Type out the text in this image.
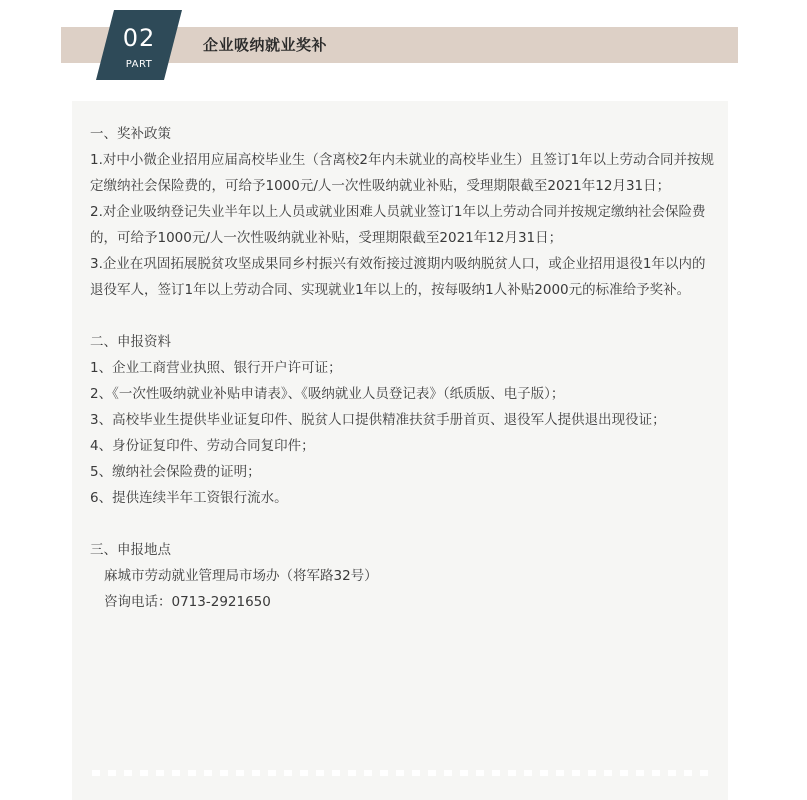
02
PART
企业吸纳就业奖补

一、奖补政策

1.对中小微企业招用应届高校毕业生（含离校2年内未就业的高校毕业生）且签订1年以上劳动合同并按规定缴纳社会保险费的，可给予1000元/人一次性吸纳就业补贴，受理期限截至2021年12月31日；

2.对企业吸纳登记失业半年以上人员或就业困难人员就业签订1年以上劳动合同并按规定缴纳社会保险费的，可给予1000元/人一次性吸纳就业补贴，受理期限截至2021年12月31日；

3.企业在巩固拓展脱贫攻坚成果同乡村振兴有效衔接过渡期内吸纳脱贫人口，或企业招用退役1年以内的退役军人，签订1年以上劳动合同、实现就业1年以上的，按每吸纳1人补贴2000元的标准给予奖补。

二、申报资料

1、企业工商营业执照、银行开户许可证；

2、《一次性吸纳就业补贴申请表》、《吸纳就业人员登记表》（纸质版、电子版）；

3、高校毕业生提供毕业证复印件、脱贫人口提供精准扶贫手册首页、退役军人提供退出现役证；

4、身份证复印件、劳动合同复印件；

5、缴纳社会保险费的证明；

6、提供连续半年工资银行流水。

三、申报地点

麻城市劳动就业管理局市场办（将军路32号）

咨询电话：0713-2921650
